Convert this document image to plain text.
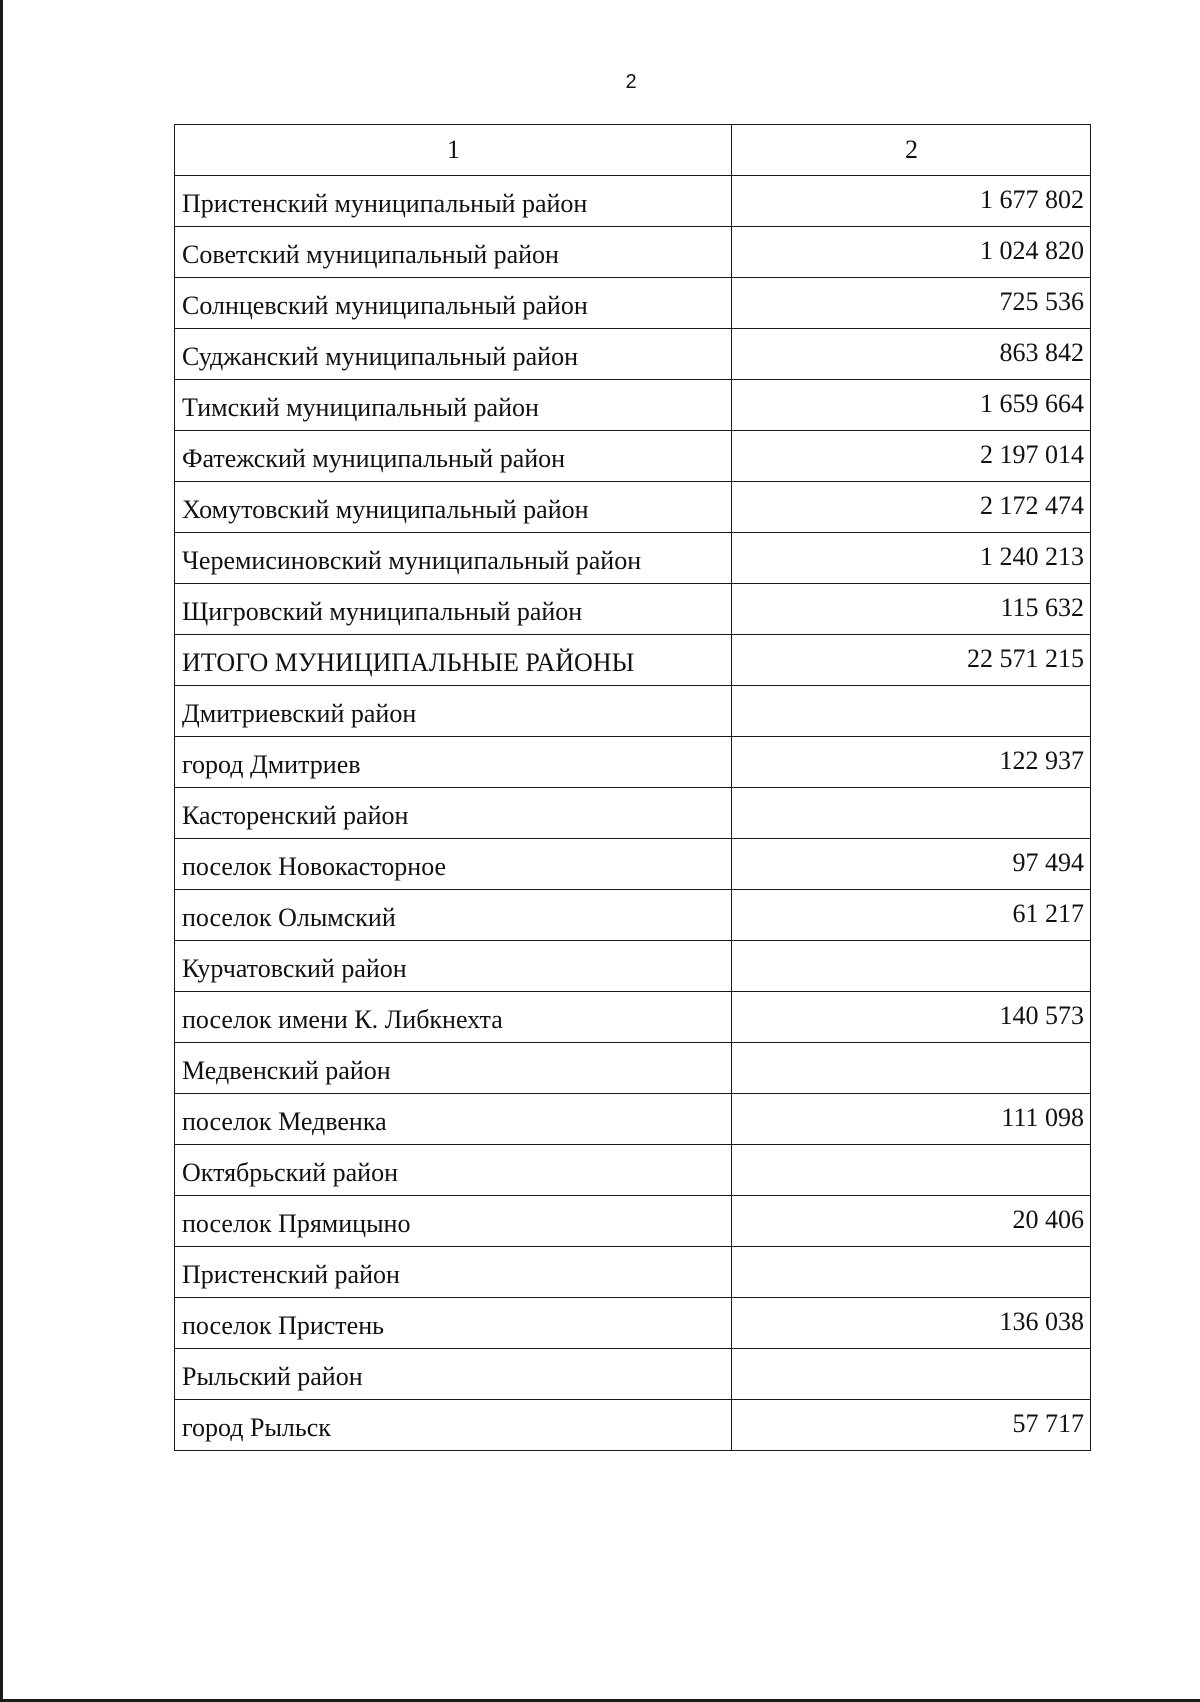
2
1	2
Пристенский муниципальный район	1 677 802
Советский муниципальный район	1 024 820
Солнцевский муниципальный район	725 536
Суджанский муниципальный район	863 842
Тимский муниципальный район	1 659 664
Фатежский муниципальный район	2 197 014
Хомутовский муниципальный район	2 172 474
Черемисиновский муниципальный район	1 240 213
Щигровский муниципальный район	115 632
ИТОГО МУНИЦИПАЛЬНЫЕ РАЙОНЫ	22 571 215
Дмитриевский район	
город Дмитриев	122 937
Касторенский район	
поселок Новокасторное	97 494
поселок Олымский	61 217
Курчатовский район	
поселок имени К. Либкнехта	140 573
Медвенский район	
поселок Медвенка	111 098
Октябрьский район	
поселок Прямицыно	20 406
Пристенский район	
поселок Пристень	136 038
Рыльский район	
город Рыльск	57 717
